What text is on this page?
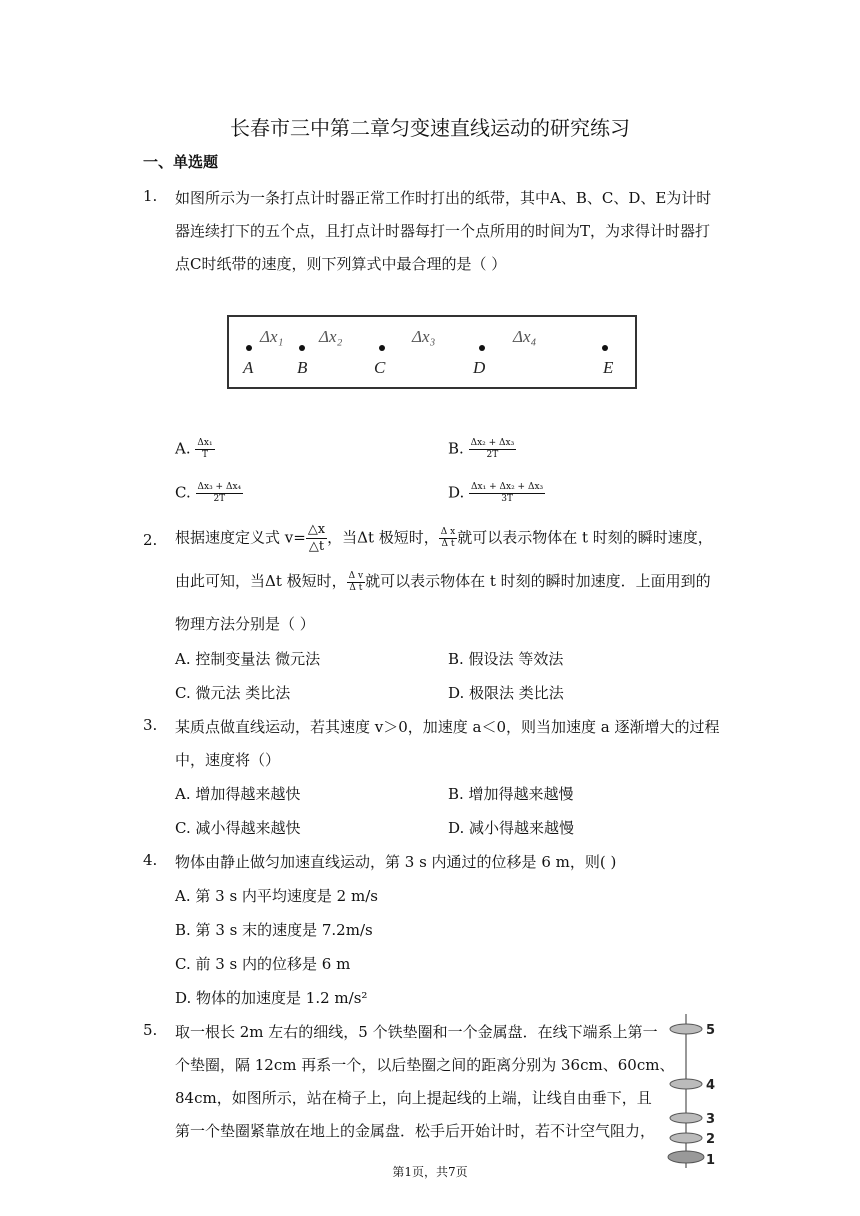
长春市三中第二章匀变速直线运动的研究练习
一、单选题
1. 如图所示为一条打点计时器正常工作时打出的纸带，其中A、B、C、D、E为计时
器连续打下的五个点，且打点计时器每打一个点所用的时间为T，为求得计时器打
点C时纸带的速度，则下列算式中最合理的是（ ）
A	B	C	D	E
Δx₁ Δx₂	Δx₃	Δx₄
A. $\frac{\text{Δx₁}}{T}$	B. $\frac{\text{Δx₂ + Δx₃}}{2T}$
C. $\frac{\text{Δx₃ + Δx₄}}{2T}$	D. $\frac{\text{Δx₁ + Δx₂ + Δx₃}}{3T}$
2. 根据速度定义式 $v= \frac{\triangle x}{\triangle t}$ ，当Δt 极短时， $\frac{\text{Δ x}}{\text{Δ t}}$ 就可以表示物体在 t 时刻的瞬时速度，
由此可知，当Δt 极短时， $\frac{\text{Δ v}}{\text{Δ t}}$ 就可以表示物体在 t 时刻的瞬时加速度．上面用到的
物理方法分别是（ ）
A. 控制变量法 微元法	B. 假设法 等效法
C. 微元法 类比法	D. 极限法 类比法
3. 某质点做直线运动，若其速度 v＞0，加速度 a＜0，则当加速度 a 逐渐增大的过程
中，速度将（）
A. 增加得越来越快	B. 增加得越来越慢
C. 减小得越来越快	D. 减小得越来越慢
4. 物体由静止做匀加速直线运动，第 3 s 内通过的位移是 6 m，则( )
A. 第 3 s 内平均速度是 2 m/s
B. 第 3 s 末的速度是 7.2m/s
C. 前 3 s 内的位移是 6 m
D. 物体的加速度是 1.2 m/s²
5. 取一根长 2m 左右的细线，5 个铁垫圈和一个金属盘．在线下端系上第一
个垫圈，隔 12cm 再系一个，以后垫圈之间的距离分别为 36cm、60cm、
84cm，如图所示，站在椅子上，向上提起线的上端，让线自由垂下，且
第一个垫圈紧靠放在地上的金属盘．松手后开始计时，若不计空气阻力，
5
4
3
2
1
第1页，共7页
